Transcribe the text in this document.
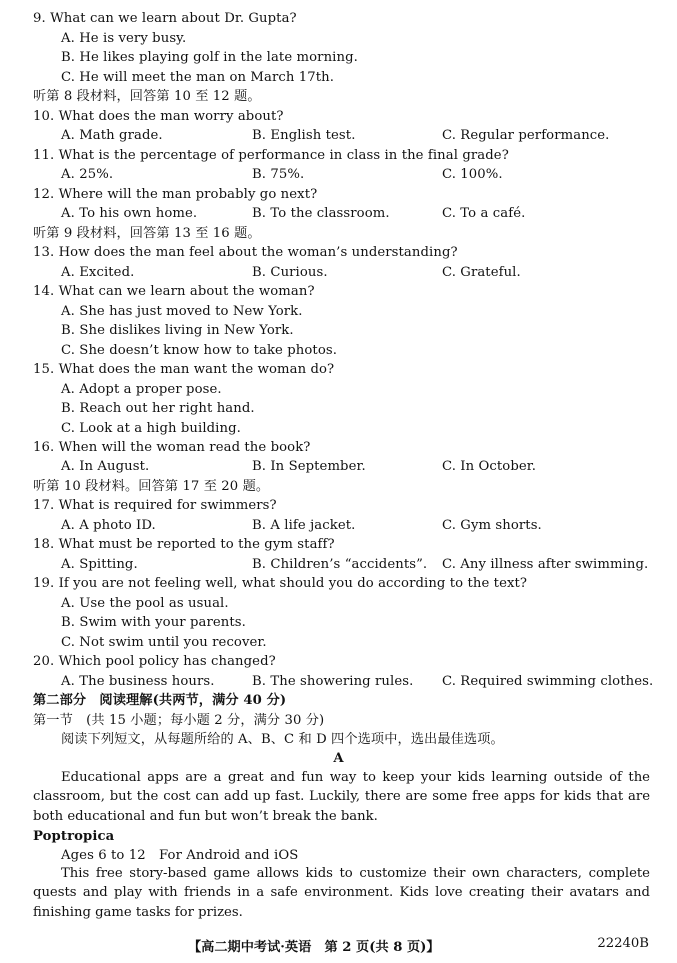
9. What can we learn about Dr. Gupta?
A. He is very busy.
B. He likes playing golf in the late morning.
C. He will meet the man on March 17th.
听第 8 段材料，回答第 10 至 12 题。
10. What does the man worry about?
A. Math grade.	B. English test.	C. Regular performance.
11. What is the percentage of performance in class in the final grade?
A. 25%.	B. 75%.	C. 100%.
12. Where will the man probably go next?
A. To his own home.	B. To the classroom.	C. To a café.
听第 9 段材料，回答第 13 至 16 题。
13. How does the man feel about the woman’s understanding?
A. Excited.	B. Curious.	C. Grateful.
14. What can we learn about the woman?
A. She has just moved to New York.
B. She dislikes living in New York.
C. She doesn’t know how to take photos.
15. What does the man want the woman do?
A. Adopt a proper pose.
B. Reach out her right hand.
C. Look at a high building.
16. When will the woman read the book?
A. In August.	B. In September.	C. In October.
听第 10 段材料。回答第 17 至 20 题。
17. What is required for swimmers?
A. A photo ID.	B. A life jacket.	C. Gym shorts.
18. What must be reported to the gym staff?
A. Spitting.	B. Children’s “accidents”. C. Any illness after swimming.
19. If you are not feeling well, what should you do according to the text?
A. Use the pool as usual.
B. Swim with your parents.
C. Not swim until you recover.
20. Which pool policy has changed?
A. The business hours.	B. The showering rules. C. Required swimming clothes.
第二部分　阅读理解(共两节，满分 40 分)
第一节　(共 15 小题；每小题 2 分，满分 30 分)
阅读下列短文，从每题所给的 A、B、C 和 D 四个选项中，选出最佳选项。
A
Educational apps are a great and fun way to keep your kids learning outside of the classroom, but the cost can add up fast. Luckily, there are some free apps for kids that are both educational and fun but won’t break the bank.
Poptropica
Ages 6 to 12　For Android and iOS
This free story-based game allows kids to customize their own characters, complete quests and play with friends in a safe environment. Kids love creating their avatars and finishing game tasks for prizes.
【高二期中考试·英语　第 2 页(共 8 页)】	22240B
